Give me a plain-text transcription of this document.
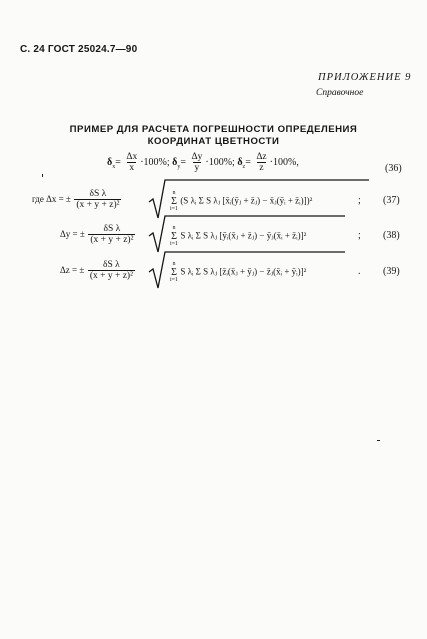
С. 24 ГОСТ 25024.7—90
ПРИЛОЖЕНИЕ 9
Справочное
ПРИМЕР ДЛЯ РАСЧЕТА ПОГРЕШНОСТИ ОПРЕДЕЛЕНИЯ
КООРДИНАТ ЦВЕТНОСТИ
$\delta_x= \frac{\Delta x}{x} \cdot 100\%$; $\delta_y= \frac{\Delta y}{y} \cdot 100\%$; $\delta_z= \frac{\Delta z}{z} \cdot 100\%$,
(36)
где Δx = ± $\frac{\text{δS λ}}{\text{(x + y + z)²}}$	n
Σ
i=1
(S λᵢ Σ S λⱼ [x̄ᵢ(ȳⱼ + z̄ⱼ) − x̄ⱼ(ȳᵢ + z̄ᵢ)])²	; (37)
Δy = ± $\frac{\text{δS λ}}{\text{(x + y + z)²}}$	n
Σ
i=1
S λᵢ Σ S λⱼ [ȳᵢ(x̄ⱼ + z̄ⱼ) − ȳⱼ(x̄ᵢ + z̄ᵢ)]²	; (38)
Δz = ± $\frac{\text{δS λ}}{\text{(x + y + z)²}}$	n
Σ
i=1
S λᵢ Σ S λⱼ [z̄ᵢ(x̄ⱼ + ȳⱼ) − z̄ⱼ(x̄ᵢ + ȳᵢ)]²	. (39)
